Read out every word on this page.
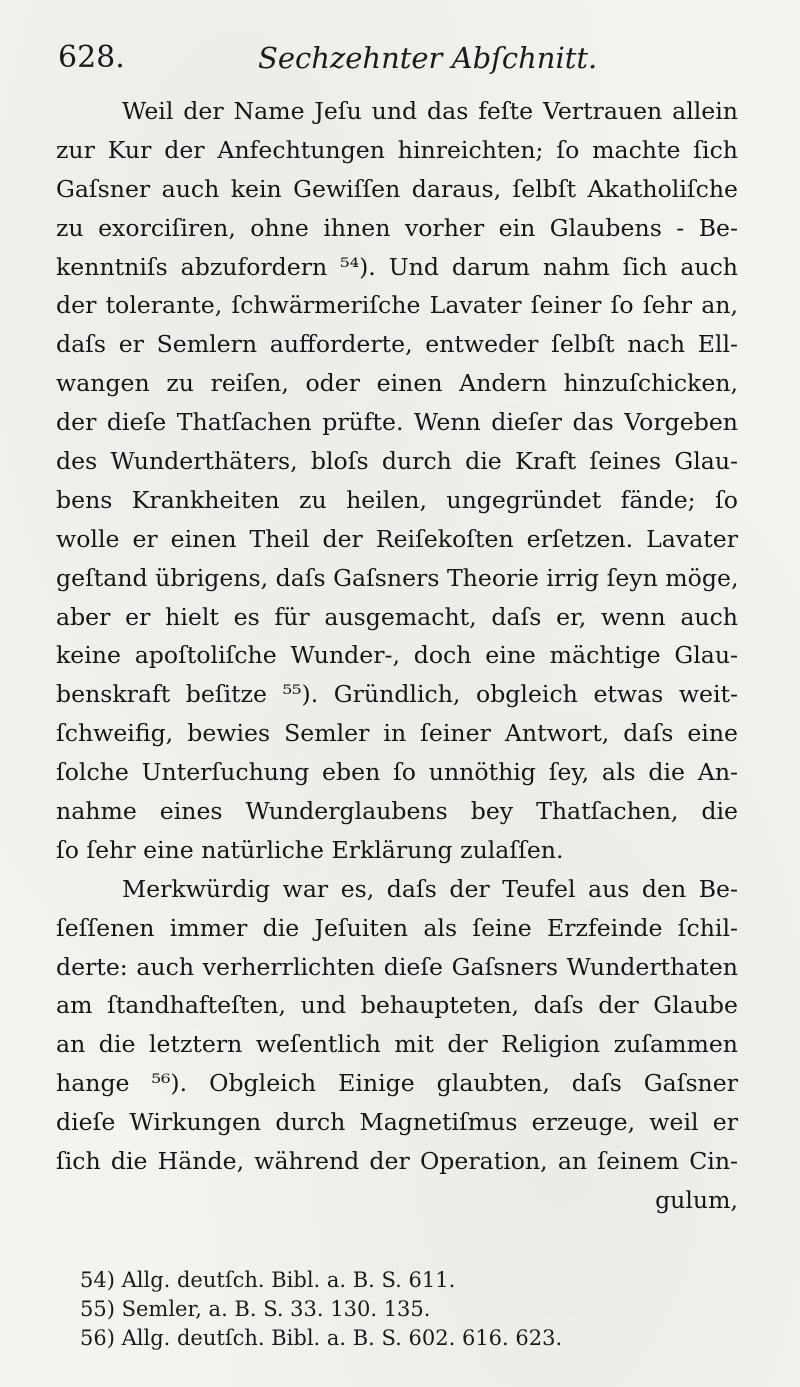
628.	Sechzehnter Abſchnitt.
Weil der Name Jeſu und das feſte Vertrauen allein
zur Kur der Anfechtungen hinreichten; ſo machte ſich
Gaſsner auch kein Gewiſſen daraus, ſelbſt Akatholiſche
zu exorciſiren, ohne ihnen vorher ein Glaubens - Be-
kenntniſs abzufordern ⁵⁴). Und darum nahm ſich auch
der tolerante, ſchwärmeriſche Lavater ſeiner ſo ſehr an,
daſs er Semlern aufforderte, entweder ſelbſt nach Ell-
wangen zu reiſen, oder einen Andern hinzuſchicken,
der dieſe Thatſachen prüfte. Wenn dieſer das Vorgeben
des Wunderthäters, bloſs durch die Kraft ſeines Glau-
bens Krankheiten zu heilen, ungegründet fände; ſo
wolle er einen Theil der Reiſekoſten erſetzen. Lavater
geſtand übrigens, daſs Gaſsners Theorie irrig ſeyn möge,
aber er hielt es für ausgemacht, daſs er, wenn auch
keine apoſtoliſche Wunder-, doch eine mächtige Glau-
benskraft beſitze ⁵⁵). Gründlich, obgleich etwas weit-
ſchweifig, bewies Semler in ſeiner Antwort, daſs eine
ſolche Unterſuchung eben ſo unnöthig ſey, als die An-
nahme eines Wunderglaubens bey Thatſachen, die
ſo ſehr eine natürliche Erklärung zulaſſen.
Merkwürdig war es, daſs der Teufel aus den Be-
ſeſſenen immer die Jeſuiten als ſeine Erzfeinde ſchil-
derte: auch verherrlichten dieſe Gaſsners Wunderthaten
am ſtandhafteſten, und behaupteten, daſs der Glaube
an die letztern weſentlich mit der Religion zuſammen
hange ⁵⁶). Obgleich Einige glaubten, daſs Gaſsner
dieſe Wirkungen durch Magnetiſmus erzeuge, weil er
ſich die Hände, während der Operation, an ſeinem Cin-
gulum,
54) Allg. deutſch. Bibl. a. B. S. 611.
55) Semler, a. B. S. 33. 130. 135.
56) Allg. deutſch. Bibl. a. B. S. 602. 616. 623.
